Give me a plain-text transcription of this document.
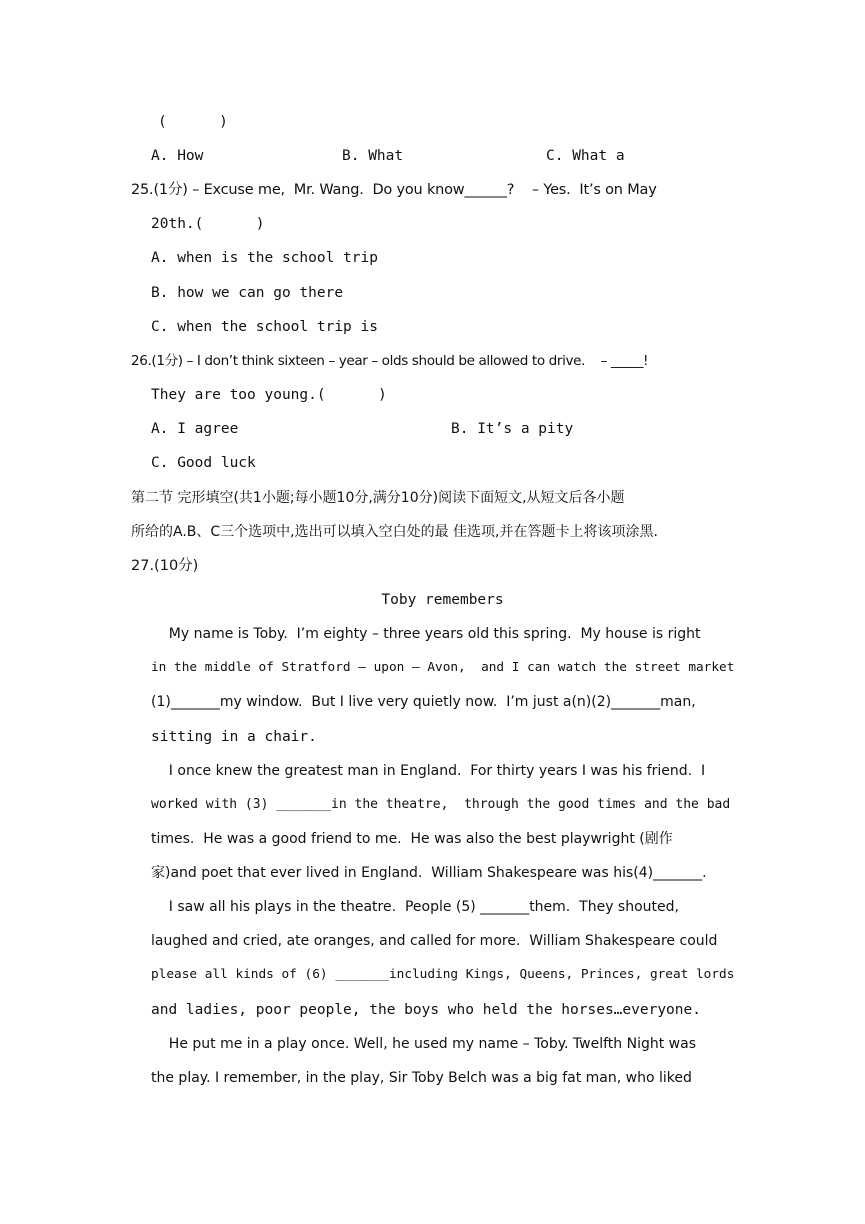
(      )
A. How	B. What	C. What a
25.(1分) – Excuse me,  Mr. Wang.  Do you know______?    – Yes.  It’s on May
20th.(      )
A. when is the school trip
B. how we can go there
C. when the school trip is
26.(1分) – I don’t think sixteen – year – olds should be allowed to drive.    – _____!
They are too young.(      )
A. I agree	B. It’s a pity
C. Good luck
第二节 完形填空(共1小题;每小题10分,满分10分)阅读下面短文,从短文后各小题
所给的A.B、C三个选项中,选出可以填入空白处的最 佳选项,并在答题卡上将该项涂黑.
27.(10分)
Toby remembers
My name is Toby.  I’m eighty – three years old this spring.  My house is right
in the middle of Stratford – upon – Avon,  and I can watch the street market
(1)_______my window.  But I live very quietly now.  I’m just a(n)(2)_______man,
sitting in a chair.
I once knew the greatest man in England.  For thirty years I was his friend.  I
worked with (3) _______in the theatre,  through the good times and the bad
times.  He was a good friend to me.  He was also the best playwright (剧作
家)and poet that ever lived in England.  William Shakespeare was his(4)_______.
I saw all his plays in the theatre.  People (5) _______them.  They shouted,
laughed and cried, ate oranges, and called for more.  William Shakespeare could
please all kinds of (6) _______including Kings, Queens, Princes, great lords
and ladies, poor people, the boys who held the horses…everyone.
He put me in a play once. Well, he used my name – Toby. Twelfth Night was
the play. I remember, in the play, Sir Toby Belch was a big fat man, who liked
